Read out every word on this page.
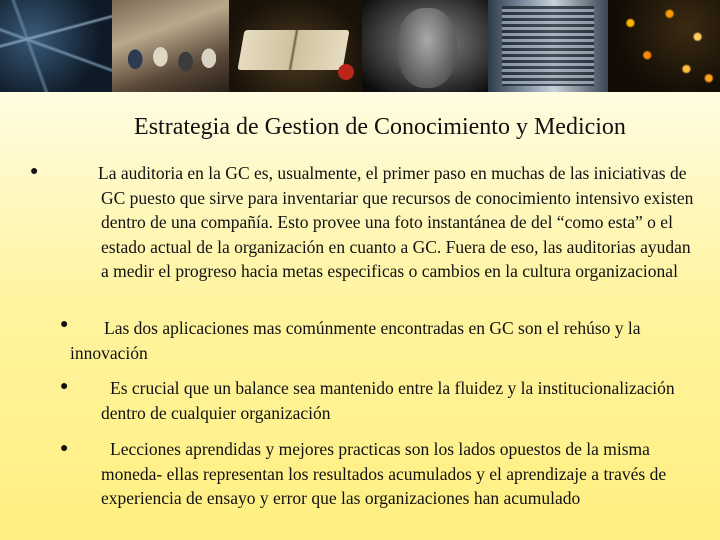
Estrategia de Gestion de Conocimiento y Medicion
●	La auditoria en la GC es, usualmente, el primer paso en muchas de las iniciativas de GC puesto que sirve para inventariar que recursos de conocimiento intensivo existen dentro de una compañía. Esto provee una foto instantánea de del “como esta” o el estado actual de la organización en cuanto a GC. Fuera de eso, las auditorias ayudan a medir el progreso hacia metas especificas o cambios en la cultura organizacional
●	Las dos aplicaciones mas comúnmente encontradas en GC son el rehúso y la innovación
●	Es crucial que un balance sea mantenido entre la fluidez y la institucionalización dentro de cualquier organización
●	Lecciones aprendidas y mejores practicas son los lados opuestos de la misma moneda- ellas representan los resultados acumulados y el aprendizaje a través de experiencia de ensayo y error que las organizaciones han acumulado
